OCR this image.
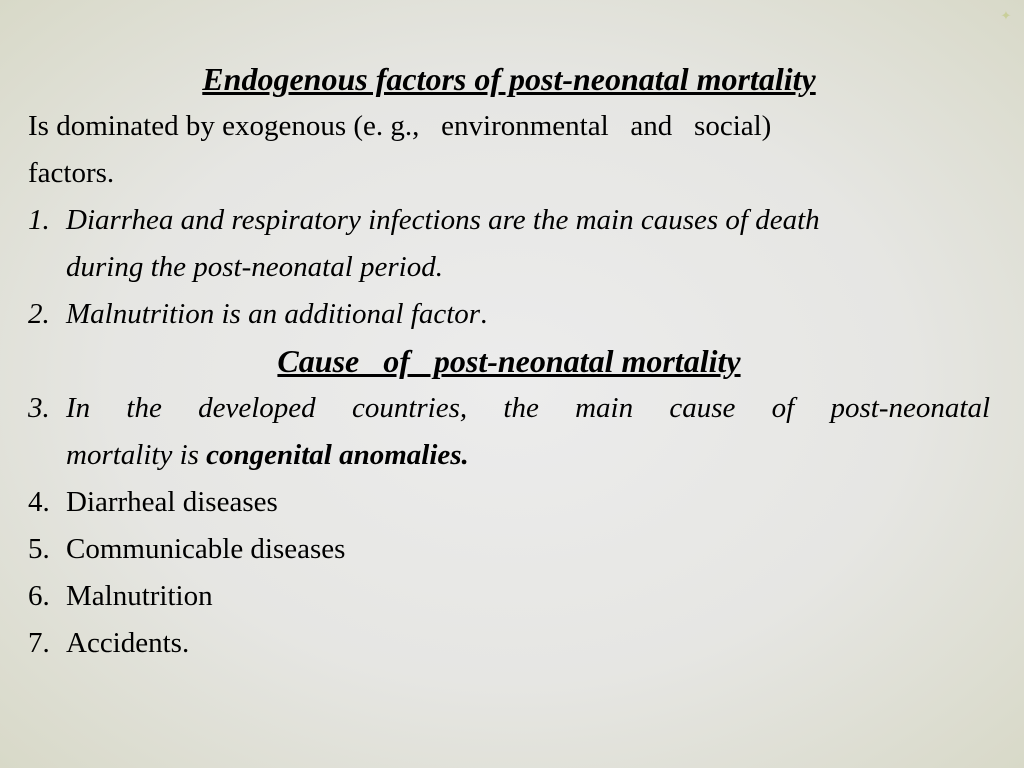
✦
Endogenous factors of post-neonatal mortality
Is dominated by exogenous (e. g.,   environmental   and   social)
factors.
1. Diarrhea and respiratory infections are the main causes of death
during the post-neonatal period.
2. Malnutrition is an additional factor.
Cause   of   post-neonatal mortality
3. In the developed countries, the main cause of post-neonatal
mortality is congenital anomalies.
4. Diarrheal diseases
5. Communicable diseases
6. Malnutrition
7. Accidents.
